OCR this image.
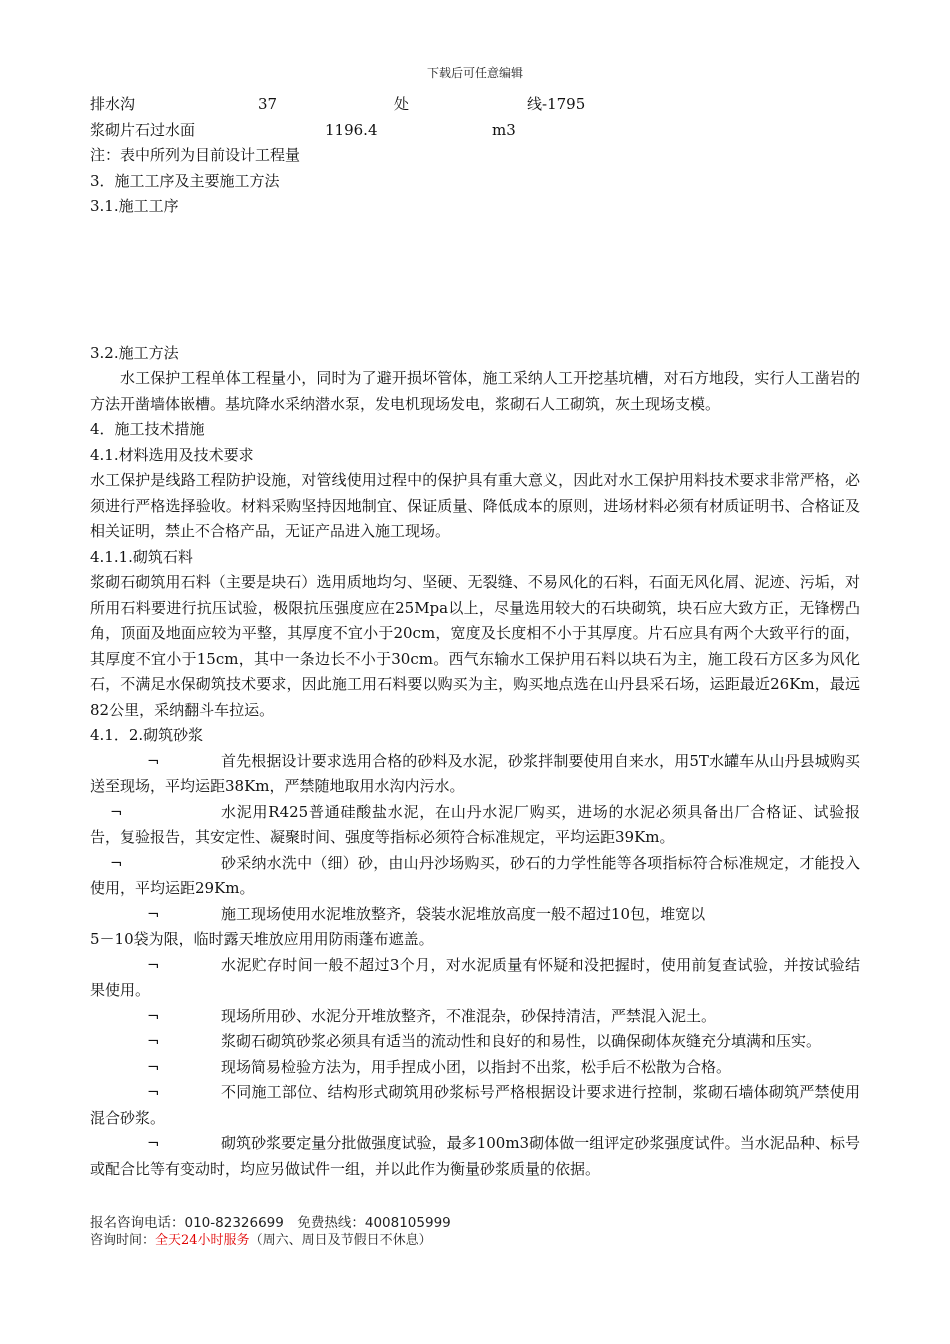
下载后可任意编辑
排水沟	37	处	线-1795
浆砌片石过水面	1196.4	m3

注：表中所列为目前设计工程量

3．施工工序及主要施工方法

3.1.施工工序

3.2.施工方法

水工保护工程单体工程量小，同时为了避开损坏管体，施工采纳人工开挖基坑槽，对石方地段，实行人工凿岩的方法开凿墙体嵌槽。基坑降水采纳潜水泵，发电机现场发电，浆砌石人工砌筑，灰土现场支模。

4．施工技术措施

4.1.材料选用及技术要求

水工保护是线路工程防护设施，对管线使用过程中的保护具有重大意义，因此对水工保护用料技术要求非常严格，必须进行严格选择验收。材料采购坚持因地制宜、保证质量、降低成本的原则，进场材料必须有材质证明书、合格证及相关证明，禁止不合格产品，无证产品进入施工现场。

4.1.1.砌筑石料

浆砌石砌筑用石料（主要是块石）选用质地均匀、坚硬、无裂缝、不易风化的石料，石面无风化屑、泥迹、污垢，对所用石料要进行抗压试验，极限抗压强度应在25Mpa以上，尽量选用较大的石块砌筑，块石应大致方正，无锋楞凸角，顶面及地面应较为平整，其厚度不宜小于20cm，宽度及长度相不小于其厚度。片石应具有两个大致平行的面，其厚度不宜小于15cm，其中一条边长不小于30cm。西气东输水工保护用石料以块石为主，施工段石方区多为风化石，不满足水保砌筑技术要求，因此施工用石料要以购买为主，购买地点选在山丹县采石场，运距最近26Km，最远82公里，采纳翻斗车拉运。

4.1．2.砌筑砂浆

¬	首先根据设计要求选用合格的砂料及水泥，砂浆拌制要使用自来水，用5T水罐车从山丹县城购买送至现场，平均运距38Km，严禁随地取用水沟内污水。
¬	水泥用R425普通硅酸盐水泥，在山丹水泥厂购买，进场的水泥必须具备出厂合格证、试验报告，复验报告，其安定性、凝聚时间、强度等指标必须符合标准规定，平均运距39Km。
¬	砂采纳水洗中（细）砂，由山丹沙场购买，砂石的力学性能等各项指标符合标准规定，才能投入使用，平均运距29Km。
¬	施工现场使用水泥堆放整齐，袋装水泥堆放高度一般不超过10包，堆宽以

5－10袋为限，临时露天堆放应用用防雨蓬布遮盖。

¬	水泥贮存时间一般不超过3个月，对水泥质量有怀疑和没把握时，使用前复查试验，并按试验结果使用。
¬	现场所用砂、水泥分开堆放整齐，不准混杂，砂保持清洁，严禁混入泥土。
¬	浆砌石砌筑砂浆必须具有适当的流动性和良好的和易性，以确保砌体灰缝充分填满和压实。
¬	现场简易检验方法为，用手捏成小团，以指封不出浆，松手后不松散为合格。
¬	不同施工部位、结构形式砌筑用砂浆标号严格根据设计要求进行控制，浆砌石墙体砌筑严禁使用混合砂浆。
¬	砌筑砂浆要定量分批做强度试验，最多100m3砌体做一组评定砂浆强度试件。当水泥品种、标号或配合比等有变动时，均应另做试件一组，并以此作为衡量砂浆质量的依据。
报名咨询电话：010-82326699　免费热线：4008105999
咨询时间：全天24小时服务（周六、周日及节假日不休息）
